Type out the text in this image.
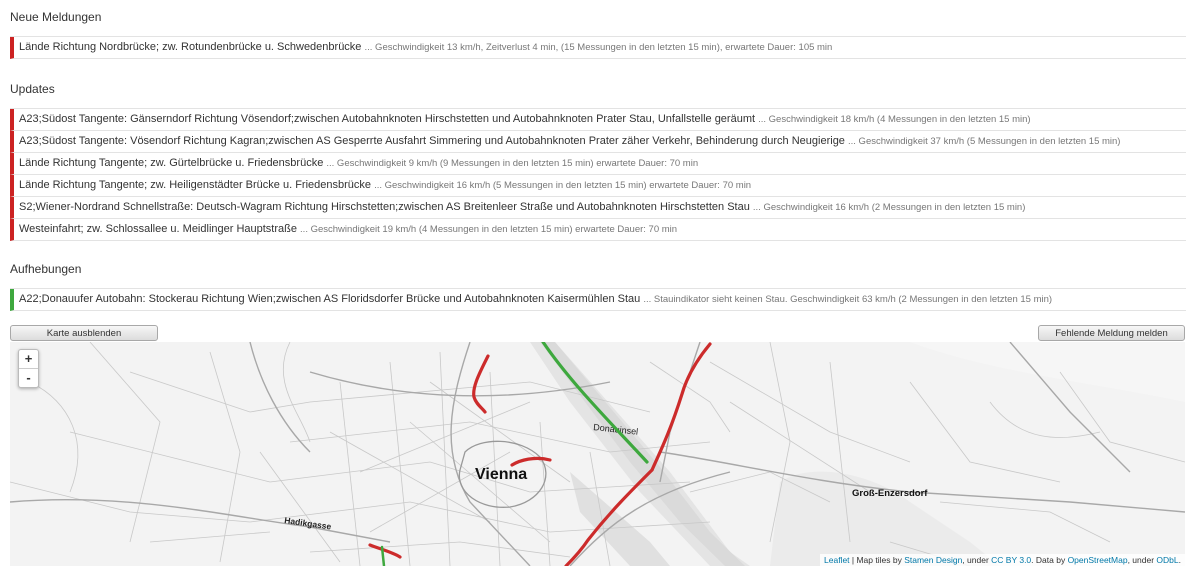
Neue Meldungen
Lände Richtung Nordbrücke; zw. Rotundenbrücke u. Schwedenbrücke ... Geschwindigkeit 13 km/h, Zeitverlust 4 min, (15 Messungen in den letzten 15 min), erwartete Dauer: 105 min
Updates
A23;Südost Tangente: Gänserndorf Richtung Vösendorf;zwischen Autobahnknoten Hirschstetten und Autobahnknoten Prater Stau, Unfallstelle geräumt ... Geschwindigkeit 18 km/h (4 Messungen in den letzten 15 min)
A23;Südost Tangente: Vösendorf Richtung Kagran;zwischen AS Gesperrte Ausfahrt Simmering und Autobahnknoten Prater zäher Verkehr, Behinderung durch Neugierige ... Geschwindigkeit 37 km/h (5 Messungen in den letzten 15 min)
Lände Richtung Tangente; zw. Gürtelbrücke u. Friedensbrücke ... Geschwindigkeit 9 km/h (9 Messungen in den letzten 15 min) erwartete Dauer: 70 min
Lände Richtung Tangente; zw. Heiligenstädter Brücke u. Friedensbrücke ... Geschwindigkeit 16 km/h (5 Messungen in den letzten 15 min) erwartete Dauer: 70 min
S2;Wiener-Nordrand Schnellstraße: Deutsch-Wagram Richtung Hirschstetten;zwischen AS Breitenleer Straße und Autobahnknoten Hirschstetten Stau ... Geschwindigkeit 16 km/h (2 Messungen in den letzten 15 min)
Westeinfahrt; zw. Schlossallee u. Meidlinger Hauptstraße ... Geschwindigkeit 19 km/h (4 Messungen in den letzten 15 min) erwartete Dauer: 70 min
Aufhebungen
A22;Donauufer Autobahn: Stockerau Richtung Wien;zwischen AS Floridsdorfer Brücke und Autobahnknoten Kaisermühlen Stau ... Stauindikator sieht keinen Stau. Geschwindigkeit 63 km/h (2 Messungen in den letzten 15 min)
Karte ausblenden	Fehlende Meldung melden
Vienna
Donauinsel
Groß-Enzersdorf
Hadikgasse
+
-
Leaflet | Map tiles by Stamen Design, under CC BY 3.0. Data by OpenStreetMap, under ODbL.
